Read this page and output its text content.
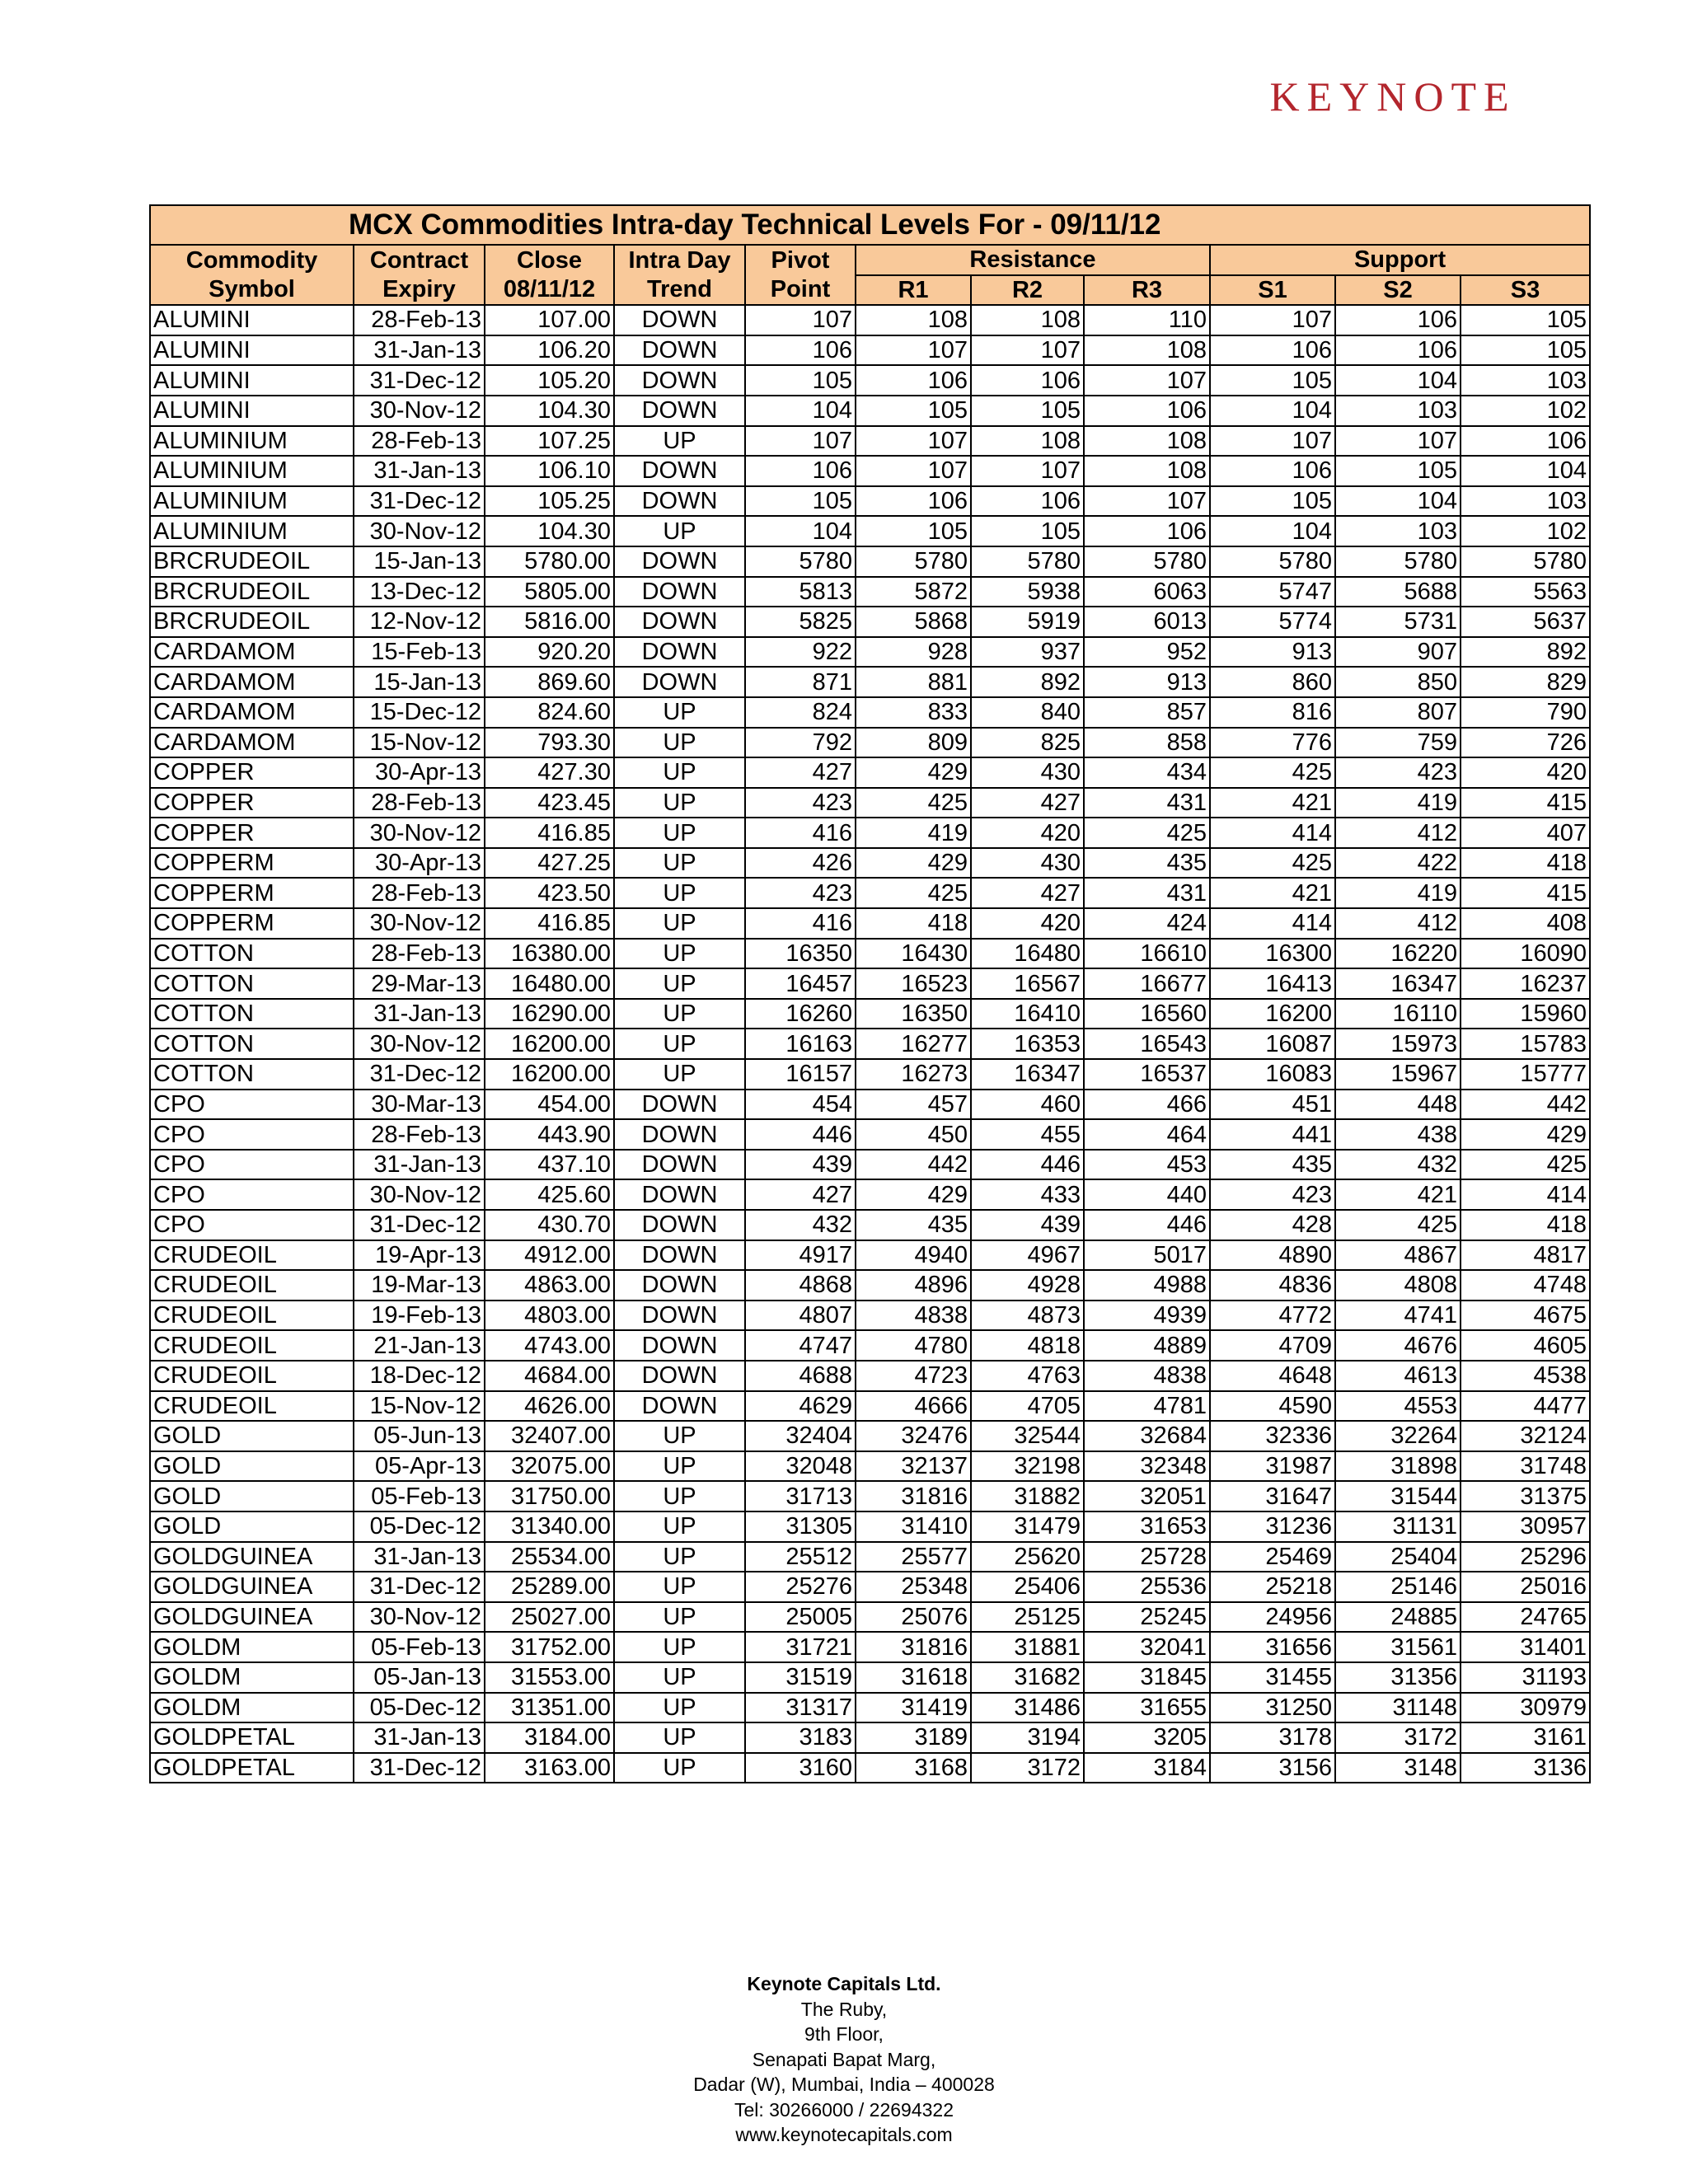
KEYNOTE
MCX Commodities Intra-day Technical Levels For - 09/11/12										
Commodity	Contract	Close	Intra Day	Pivot	Resistance			Support		
Symbol	Expiry	08/11/12	Trend	Point	R1	R2	R3	S1	S2	S3
ALUMINI	28-Feb-13	107.00	DOWN	107	108	108	110	107	106	105
ALUMINI	31-Jan-13	106.20	DOWN	106	107	107	108	106	106	105
ALUMINI	31-Dec-12	105.20	DOWN	105	106	106	107	105	104	103
ALUMINI	30-Nov-12	104.30	DOWN	104	105	105	106	104	103	102
ALUMINIUM	28-Feb-13	107.25	UP	107	107	108	108	107	107	106
ALUMINIUM	31-Jan-13	106.10	DOWN	106	107	107	108	106	105	104
ALUMINIUM	31-Dec-12	105.25	DOWN	105	106	106	107	105	104	103
ALUMINIUM	30-Nov-12	104.30	UP	104	105	105	106	104	103	102
BRCRUDEOIL	15-Jan-13	5780.00	DOWN	5780	5780	5780	5780	5780	5780	5780
BRCRUDEOIL	13-Dec-12	5805.00	DOWN	5813	5872	5938	6063	5747	5688	5563
BRCRUDEOIL	12-Nov-12	5816.00	DOWN	5825	5868	5919	6013	5774	5731	5637
CARDAMOM	15-Feb-13	920.20	DOWN	922	928	937	952	913	907	892
CARDAMOM	15-Jan-13	869.60	DOWN	871	881	892	913	860	850	829
CARDAMOM	15-Dec-12	824.60	UP	824	833	840	857	816	807	790
CARDAMOM	15-Nov-12	793.30	UP	792	809	825	858	776	759	726
COPPER	30-Apr-13	427.30	UP	427	429	430	434	425	423	420
COPPER	28-Feb-13	423.45	UP	423	425	427	431	421	419	415
COPPER	30-Nov-12	416.85	UP	416	419	420	425	414	412	407
COPPERM	30-Apr-13	427.25	UP	426	429	430	435	425	422	418
COPPERM	28-Feb-13	423.50	UP	423	425	427	431	421	419	415
COPPERM	30-Nov-12	416.85	UP	416	418	420	424	414	412	408
COTTON	28-Feb-13	16380.00	UP	16350	16430	16480	16610	16300	16220	16090
COTTON	29-Mar-13	16480.00	UP	16457	16523	16567	16677	16413	16347	16237
COTTON	31-Jan-13	16290.00	UP	16260	16350	16410	16560	16200	16110	15960
COTTON	30-Nov-12	16200.00	UP	16163	16277	16353	16543	16087	15973	15783
COTTON	31-Dec-12	16200.00	UP	16157	16273	16347	16537	16083	15967	15777
CPO	30-Mar-13	454.00	DOWN	454	457	460	466	451	448	442
CPO	28-Feb-13	443.90	DOWN	446	450	455	464	441	438	429
CPO	31-Jan-13	437.10	DOWN	439	442	446	453	435	432	425
CPO	30-Nov-12	425.60	DOWN	427	429	433	440	423	421	414
CPO	31-Dec-12	430.70	DOWN	432	435	439	446	428	425	418
CRUDEOIL	19-Apr-13	4912.00	DOWN	4917	4940	4967	5017	4890	4867	4817
CRUDEOIL	19-Mar-13	4863.00	DOWN	4868	4896	4928	4988	4836	4808	4748
CRUDEOIL	19-Feb-13	4803.00	DOWN	4807	4838	4873	4939	4772	4741	4675
CRUDEOIL	21-Jan-13	4743.00	DOWN	4747	4780	4818	4889	4709	4676	4605
CRUDEOIL	18-Dec-12	4684.00	DOWN	4688	4723	4763	4838	4648	4613	4538
CRUDEOIL	15-Nov-12	4626.00	DOWN	4629	4666	4705	4781	4590	4553	4477
GOLD	05-Jun-13	32407.00	UP	32404	32476	32544	32684	32336	32264	32124
GOLD	05-Apr-13	32075.00	UP	32048	32137	32198	32348	31987	31898	31748
GOLD	05-Feb-13	31750.00	UP	31713	31816	31882	32051	31647	31544	31375
GOLD	05-Dec-12	31340.00	UP	31305	31410	31479	31653	31236	31131	30957
GOLDGUINEA	31-Jan-13	25534.00	UP	25512	25577	25620	25728	25469	25404	25296
GOLDGUINEA	31-Dec-12	25289.00	UP	25276	25348	25406	25536	25218	25146	25016
GOLDGUINEA	30-Nov-12	25027.00	UP	25005	25076	25125	25245	24956	24885	24765
GOLDM	05-Feb-13	31752.00	UP	31721	31816	31881	32041	31656	31561	31401
GOLDM	05-Jan-13	31553.00	UP	31519	31618	31682	31845	31455	31356	31193
GOLDM	05-Dec-12	31351.00	UP	31317	31419	31486	31655	31250	31148	30979
GOLDPETAL	31-Jan-13	3184.00	UP	3183	3189	3194	3205	3178	3172	3161
GOLDPETAL	31-Dec-12	3163.00	UP	3160	3168	3172	3184	3156	3148	3136
Keynote Capitals Ltd.
The Ruby,
9th Floor,
Senapati Bapat Marg,
Dadar (W), Mumbai, India – 400028
Tel: 30266000 / 22694322
www.keynotecapitals.com
